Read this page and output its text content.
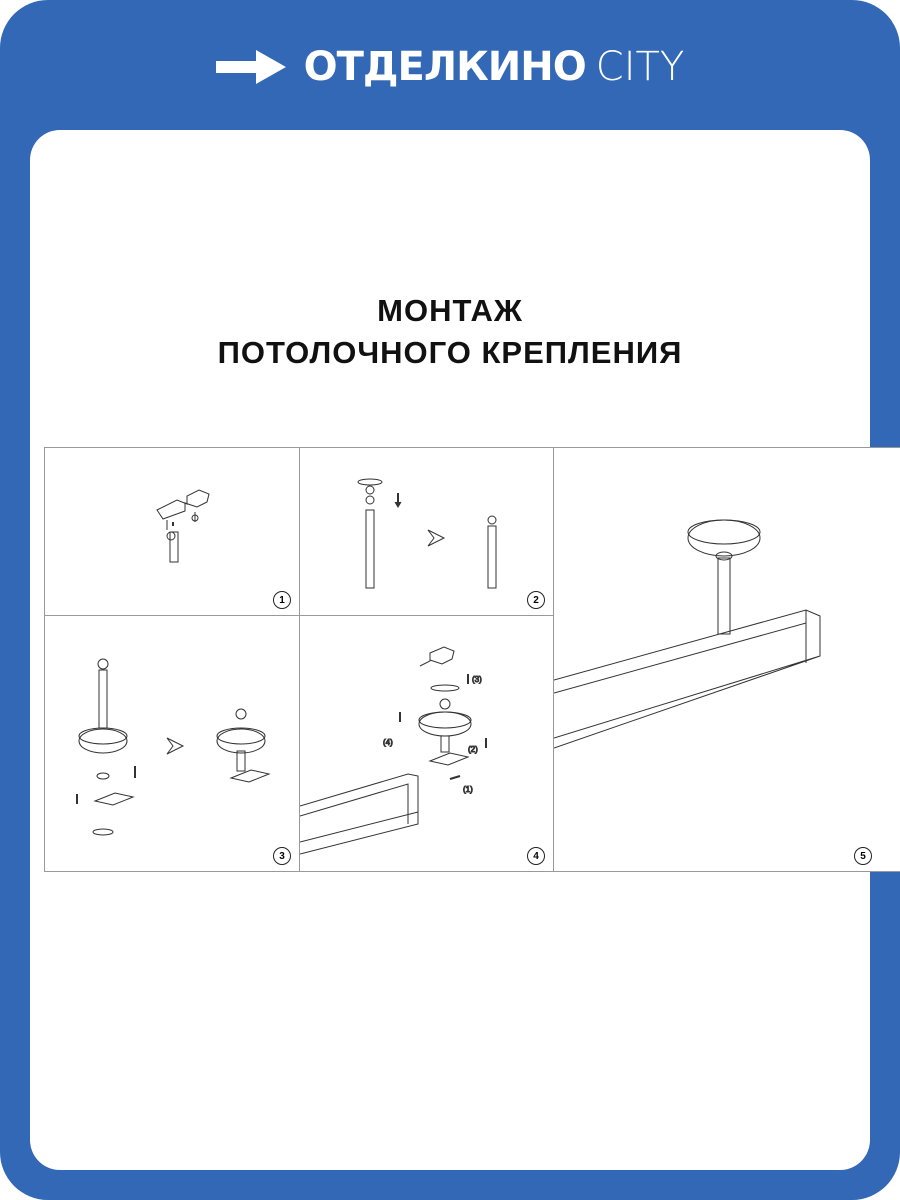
ОТДЕЛКИНО CITY
МОНТАЖ
ПОТОЛОЧНОГО КРЕПЛЕНИЯ
1	2
3
(3)
(4)
(2)
(1)
4	5
